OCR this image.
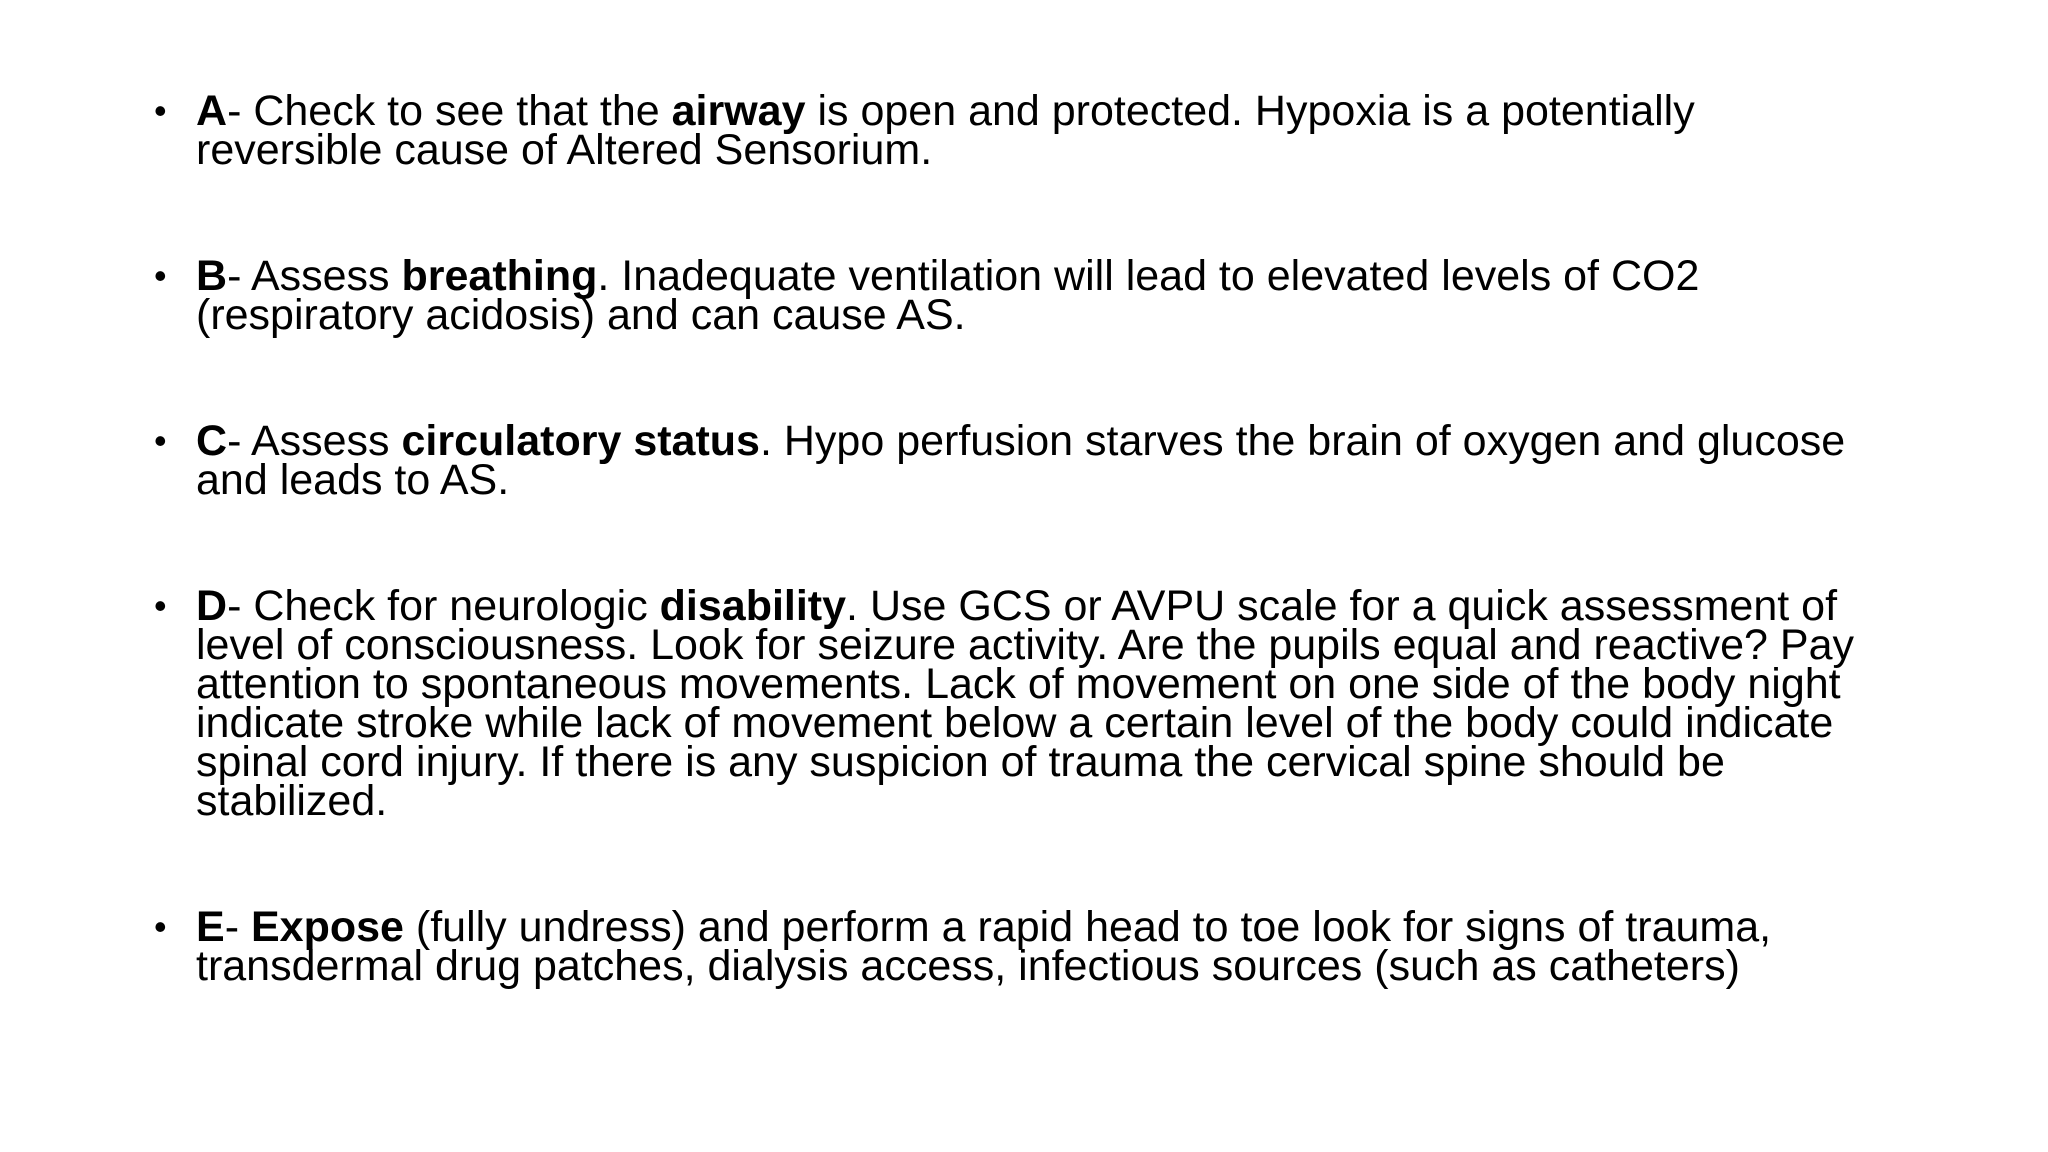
• A- Check to see that the airway is open and protected. Hypoxia is a potentially reversible cause of Altered Sensorium.
• B- Assess breathing. Inadequate ventilation will lead to elevated levels of CO2 (respiratory acidosis) and can cause AS.
• C- Assess circulatory status. Hypo perfusion starves the brain of oxygen and glucose and leads to AS.
• D- Check for neurologic disability. Use GCS or AVPU scale for a quick assessment of level of consciousness. Look for seizure activity. Are the pupils equal and reactive? Pay attention to spontaneous movements. Lack of movement on one side of the body night indicate stroke while lack of movement below a certain level of the body could indicate spinal cord injury. If there is any suspicion of trauma the cervical spine should be stabilized.
• E- Expose (fully undress) and perform a rapid head to toe look for signs of trauma, transdermal drug patches, dialysis access, infectious sources (such as catheters)
